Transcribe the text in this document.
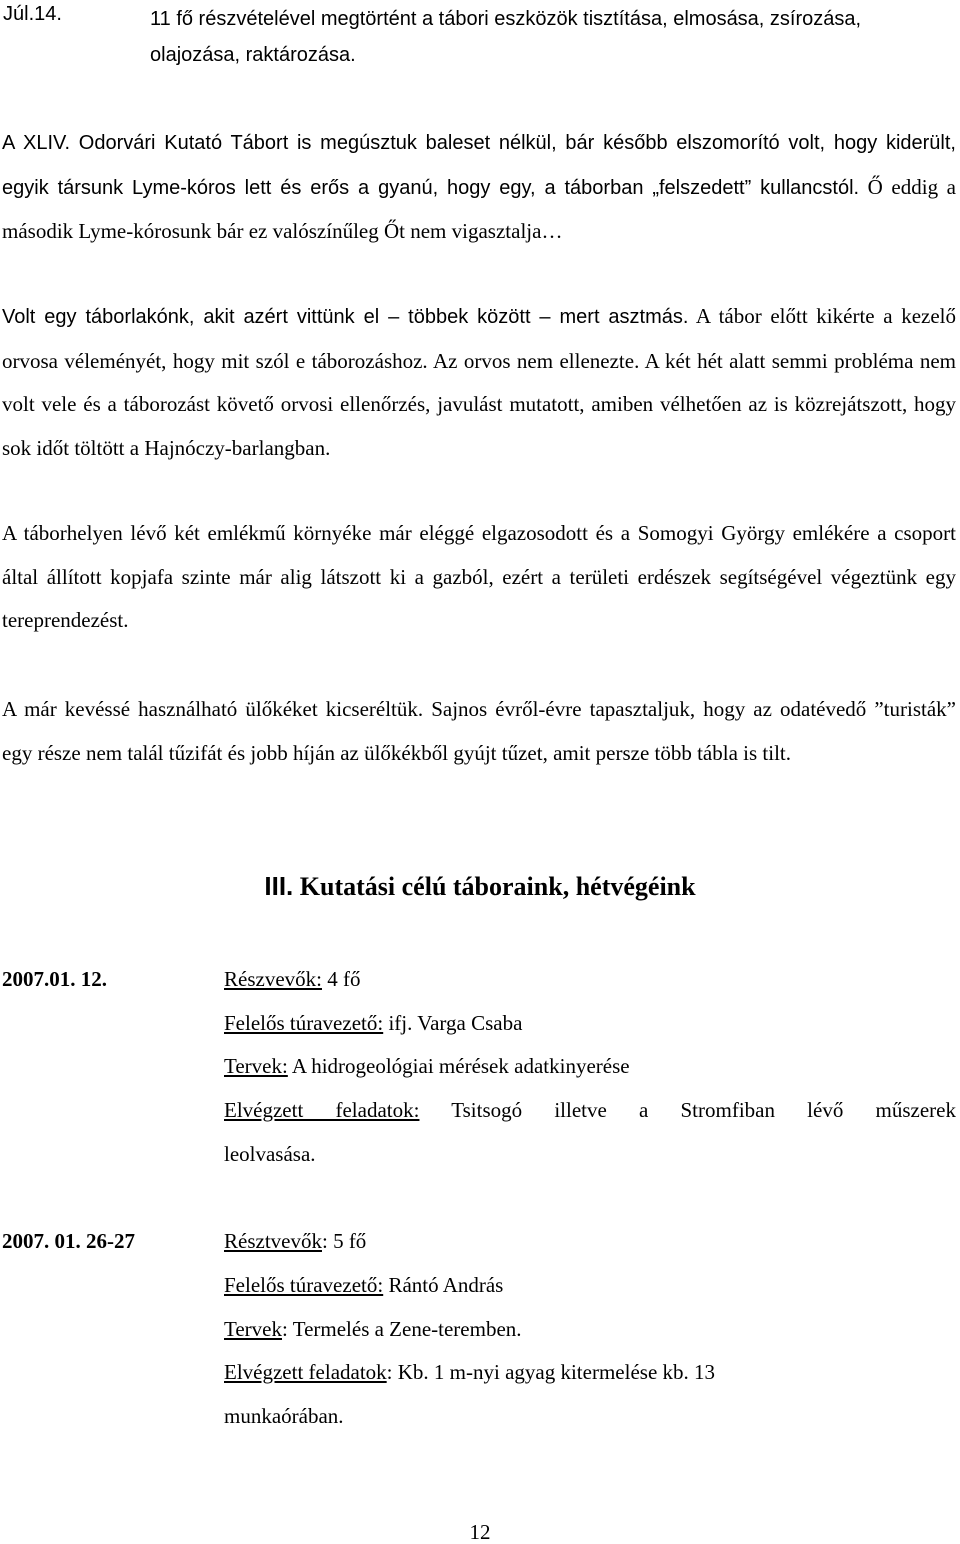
Júl.14.	11 fő részvételével megtörtént a tábori eszközök tisztítása, elmosása, zsírozása,
olajozása, raktározása.
A XLIV. Odorvári Kutató Tábort is megúsztuk baleset nélkül, bár később elszomorító volt, hogy kiderült, egyik társunk Lyme-kóros lett és erős a gyanú, hogy egy, a táborban „felszedett” kullancstól. Ő eddig a második Lyme-kórosunk bár ez valószínűleg Őt nem vigasztalja…
Volt egy táborlakónk, akit azért vittünk el – többek között – mert asztmás. A tábor előtt kikérte a kezelő orvosa véleményét, hogy mit szól e táborozáshoz. Az orvos nem ellenezte. A két hét alatt semmi probléma nem volt vele és a táborozást követő orvosi ellenőrzés, javulást mutatott, amiben vélhetően az is közrejátszott, hogy sok időt töltött a Hajnóczy-barlangban.
A táborhelyen lévő két emlékmű környéke már eléggé elgazosodott és a Somogyi György emlékére a csoport által állított kopjafa szinte már alig látszott ki a gazból, ezért a területi erdészek segítségével végeztünk egy tereprendezést.
A már kevéssé használható ülőkéket kicseréltük. Sajnos évről-évre tapasztaljuk, hogy az odatévedő ”turisták” egy része nem talál tűzifát és jobb híján az ülőkékből gyújt tűzet, amit persze több tábla is tilt.
III. Kutatási célú táboraink, hétvégéink
2007.01. 12.	Részvevők: 4 fő
Felelős túravezető: ifj. Varga Csaba
Tervek: A hidrogeológiai mérések adatkinyerése
Elvégzett feladatok: Tsitsogó illetve a Stromfiban lévő műszerek
leolvasása.
2007. 01. 26-27	Résztvevők: 5 fő
Felelős túravezető: Rántó András
Tervek: Termelés a Zene-teremben.
Elvégzett feladatok: Kb. 1 m-nyi agyag kitermelése kb. 13
munkaórában.
12
